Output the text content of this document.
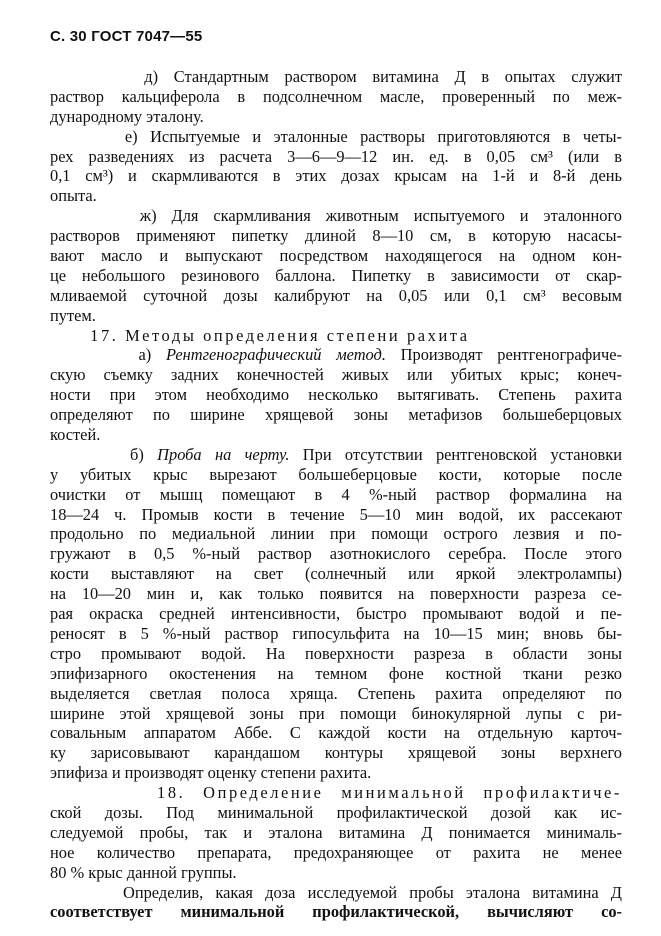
С. 30 ГОСТ 7047—55
д) Стандартным раствором витамина Д в опытах служит
раствор кальциферола в подсолнечном масле, проверенный по меж-
дународному эталону.
е) Испытуемые и эталонные растворы приготовляются в четы-
рех разведениях из расчета 3—6—9—12 ин. ед. в 0,05 см³ (или в
0,1 см³) и скармливаются в этих дозах крысам на 1-й и 8-й день
опыта.
ж) Для скармливания животным испытуемого и эталонного
растворов применяют пипетку длиной 8—10 см, в которую насасы-
вают масло и выпускают посредством находящегося на одном кон-
це небольшого резинового баллона. Пипетку в зависимости от скар-
мливаемой суточной дозы калибруют на 0,05 или 0,1 см³ весовым
путем.
17. Методы определения степени рахита
а) Рентгенографический метод. Производят рентгенографиче-
скую съемку задних конечностей живых или убитых крыс; конеч-
ности при этом необходимо несколько вытягивать. Степень рахита
определяют по ширине хрящевой зоны метафизов большеберцовых
костей.
б) Проба на черту. При отсутствии рентгеновской установки
у убитых крыс вырезают большеберцовые кости, которые после
очистки от мышц помещают в 4 %-ный раствор формалина на
18—24 ч. Промыв кости в течение 5—10 мин водой, их рассекают
продольно по медиальной линии при помощи острого лезвия и по-
гружают в 0,5 %-ный раствор азотнокислого серебра. После этого
кости выставляют на свет (солнечный или яркой электролампы)
на 10—20 мин и, как только появится на поверхности разреза се-
рая окраска средней интенсивности, быстро промывают водой и пе-
реносят в 5 %-ный раствор гипосульфита на 10—15 мин; вновь бы-
стро промывают водой. На поверхности разреза в области зоны
эпифизарного окостенения на темном фоне костной ткани резко
выделяется светлая полоса хряща. Степень рахита определяют по
ширине этой хрящевой зоны при помощи бинокулярной лупы с ри-
совальным аппаратом Аббе. С каждой кости на отдельную карточ-
ку зарисовывают карандашом контуры хрящевой зоны верхнего
эпифиза и производят оценку степени рахита.
18. Определение минимальной профилактиче-
ской дозы. Под минимальной профилактической дозой как ис-
следуемой пробы, так и эталона витамина Д понимается минималь-
ное количество препарата, предохраняющее от рахита не менее
80 % крыс данной группы.
Определив, какая доза исследуемой пробы эталона витамина Д
соответствует минимальной профилактической, вычисляют со-
